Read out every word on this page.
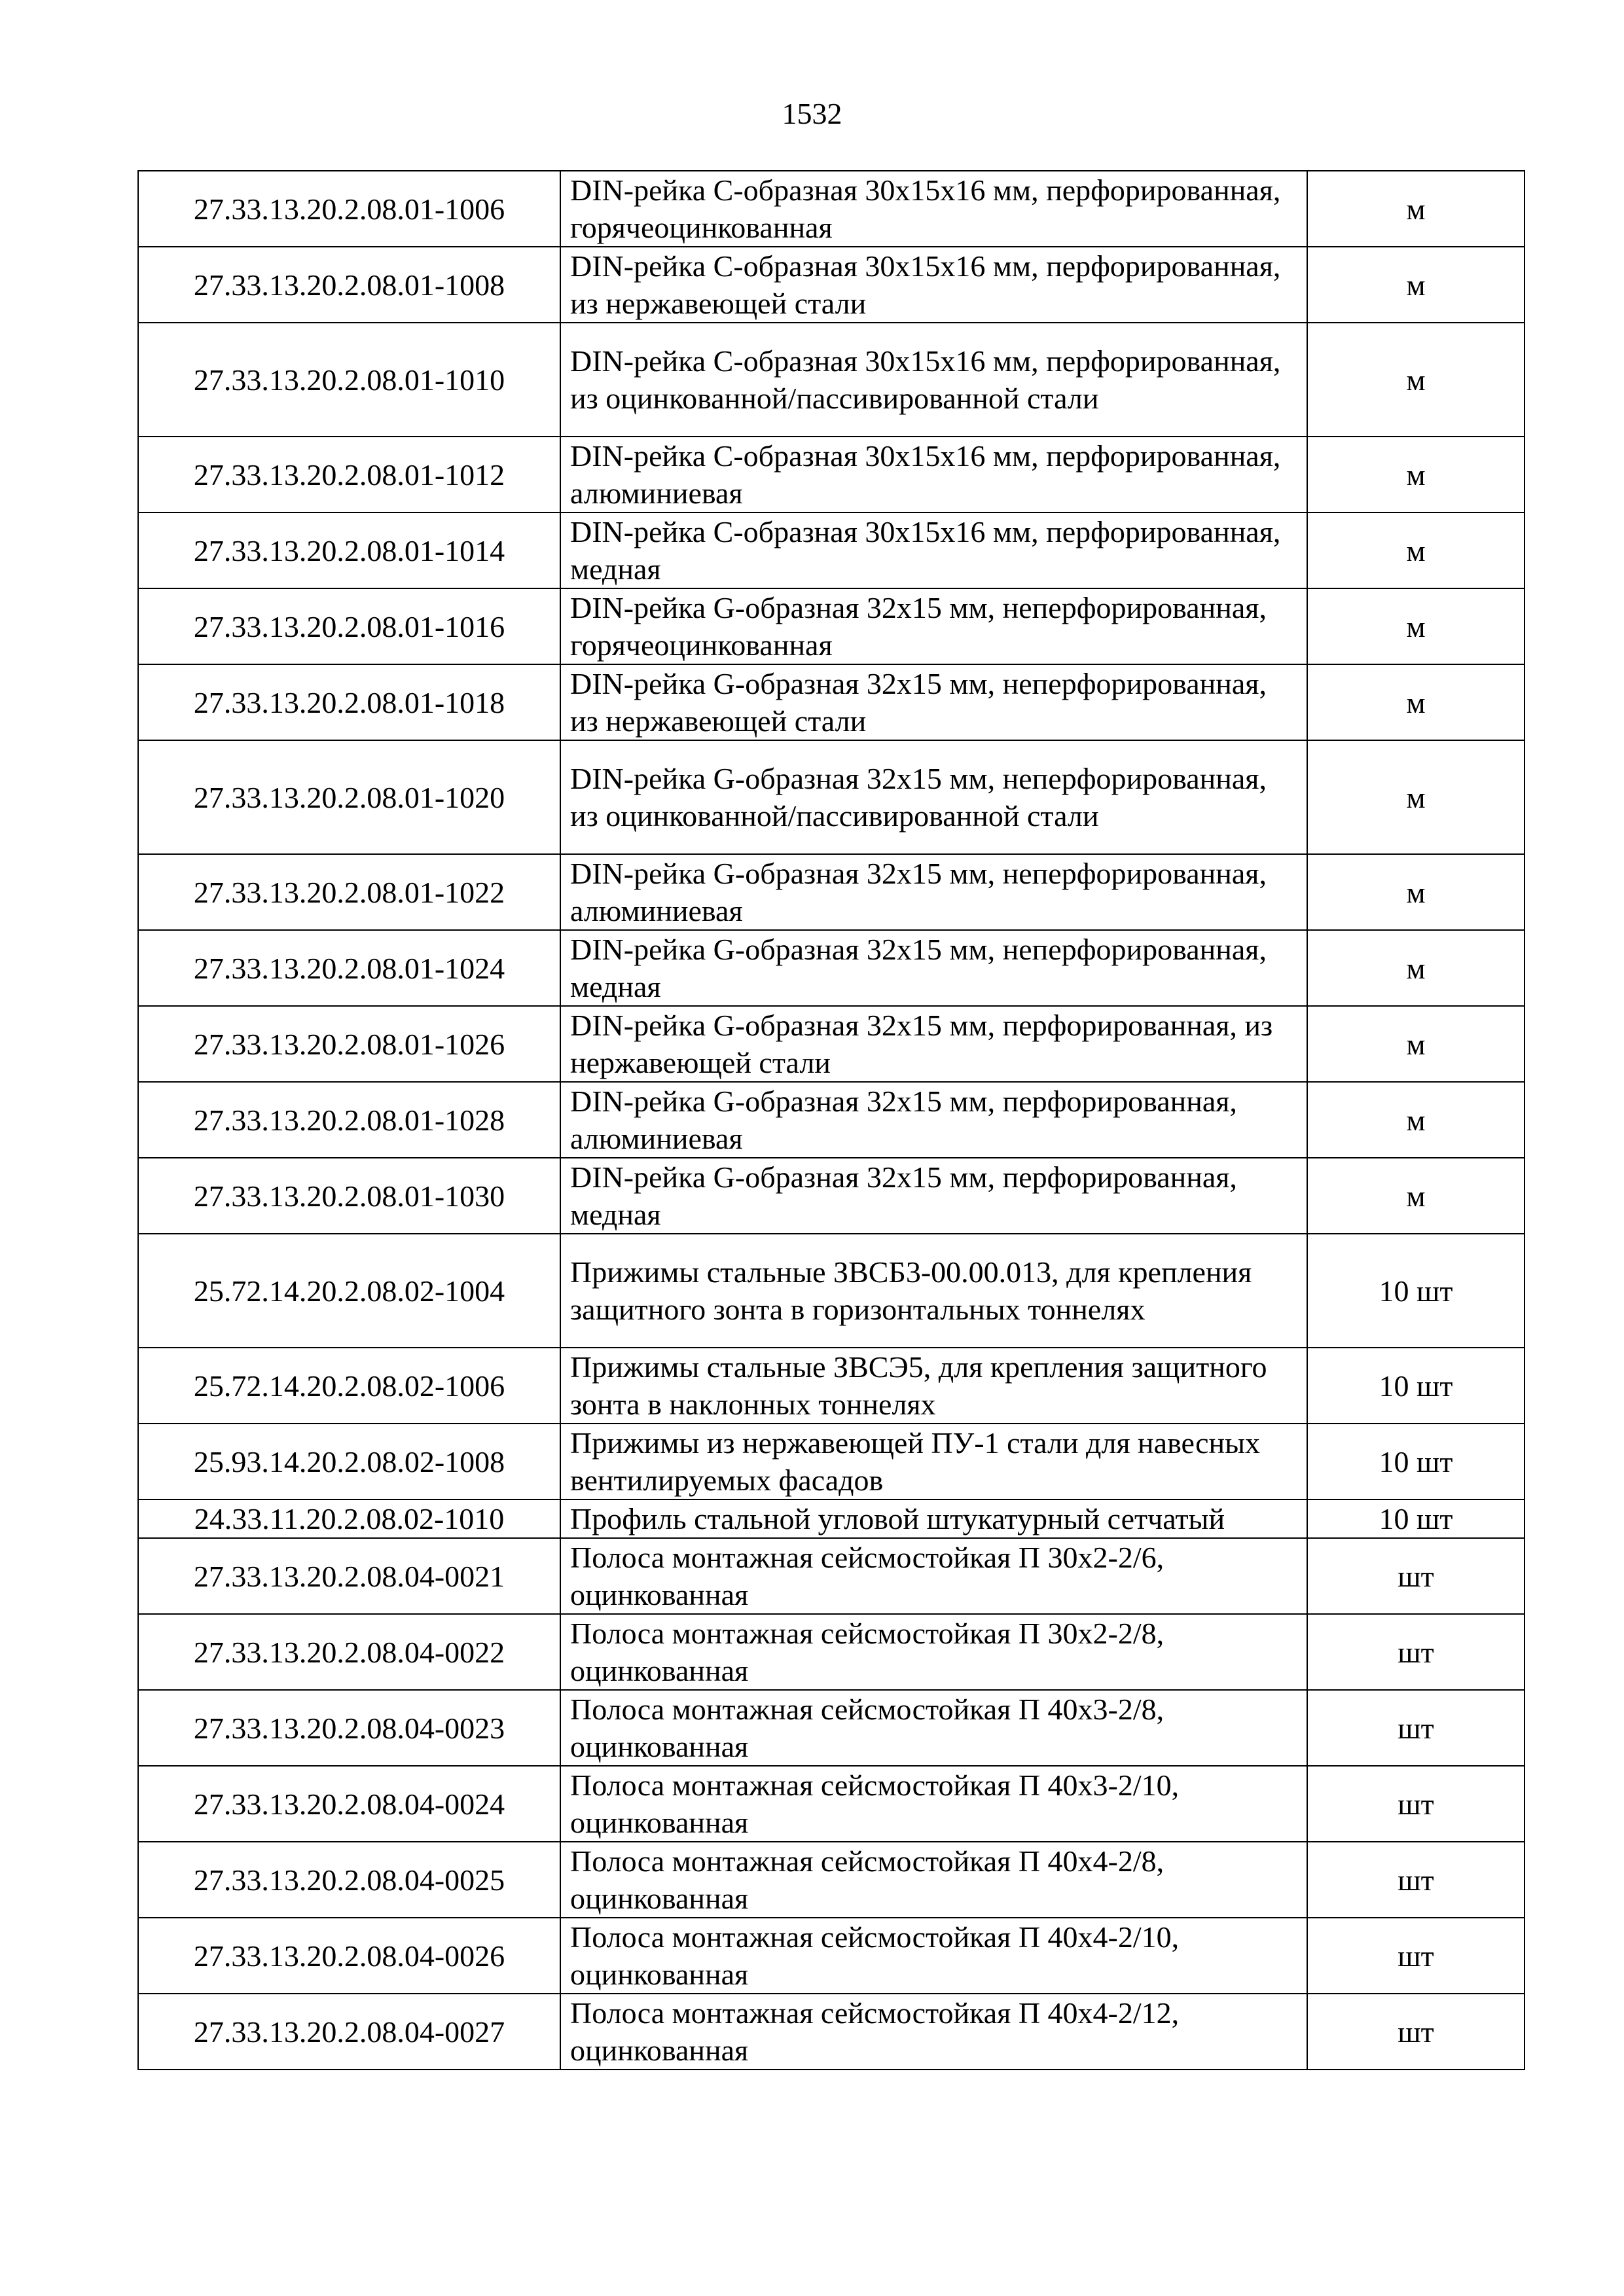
1532
27.33.13.20.2.08.01-1006	DIN-рейка C-образная 30х15х16 мм, перфорированная, горячеоцинкованная	м
27.33.13.20.2.08.01-1008	DIN-рейка C-образная 30х15х16 мм, перфорированная, из нержавеющей стали	м
27.33.13.20.2.08.01-1010	DIN-рейка C-образная 30х15х16 мм, перфорированная, из оцинкованной/пассивированной стали	м
27.33.13.20.2.08.01-1012	DIN-рейка C-образная 30х15х16 мм, перфорированная, алюминиевая	м
27.33.13.20.2.08.01-1014	DIN-рейка C-образная 30х15х16 мм, перфорированная, медная	м
27.33.13.20.2.08.01-1016	DIN-рейка G-образная 32х15 мм, неперфорированная, горячеоцинкованная	м
27.33.13.20.2.08.01-1018	DIN-рейка G-образная 32х15 мм, неперфорированная, из нержавеющей стали	м
27.33.13.20.2.08.01-1020	DIN-рейка G-образная 32х15 мм, неперфорированная, из оцинкованной/пассивированной стали	м
27.33.13.20.2.08.01-1022	DIN-рейка G-образная 32х15 мм, неперфорированная, алюминиевая	м
27.33.13.20.2.08.01-1024	DIN-рейка G-образная 32х15 мм, неперфорированная, медная	м
27.33.13.20.2.08.01-1026	DIN-рейка G-образная 32х15 мм, перфорированная, из нержавеющей стали	м
27.33.13.20.2.08.01-1028	DIN-рейка G-образная 32х15 мм, перфорированная, алюминиевая	м
27.33.13.20.2.08.01-1030	DIN-рейка G-образная 32х15 мм, перфорированная, медная	м
25.72.14.20.2.08.02-1004	Прижимы стальные ЗВСБ3-00.00.013, для крепления защитного зонта в горизонтальных тоннелях	10 шт
25.72.14.20.2.08.02-1006	Прижимы стальные ЗВСЭ5, для крепления защитного зонта в наклонных тоннелях	10 шт
25.93.14.20.2.08.02-1008	Прижимы из нержавеющей ПУ-1 стали для навесных вентилируемых фасадов	10 шт
24.33.11.20.2.08.02-1010	Профиль стальной угловой штукатурный сетчатый	10 шт
27.33.13.20.2.08.04-0021	Полоса монтажная сейсмостойкая П 30х2-2/6, оцинкованная	шт
27.33.13.20.2.08.04-0022	Полоса монтажная сейсмостойкая П 30х2-2/8, оцинкованная	шт
27.33.13.20.2.08.04-0023	Полоса монтажная сейсмостойкая П 40х3-2/8, оцинкованная	шт
27.33.13.20.2.08.04-0024	Полоса монтажная сейсмостойкая П 40х3-2/10, оцинкованная	шт
27.33.13.20.2.08.04-0025	Полоса монтажная сейсмостойкая П 40х4-2/8, оцинкованная	шт
27.33.13.20.2.08.04-0026	Полоса монтажная сейсмостойкая П 40х4-2/10, оцинкованная	шт
27.33.13.20.2.08.04-0027	Полоса монтажная сейсмостойкая П 40х4-2/12, оцинкованная	шт
